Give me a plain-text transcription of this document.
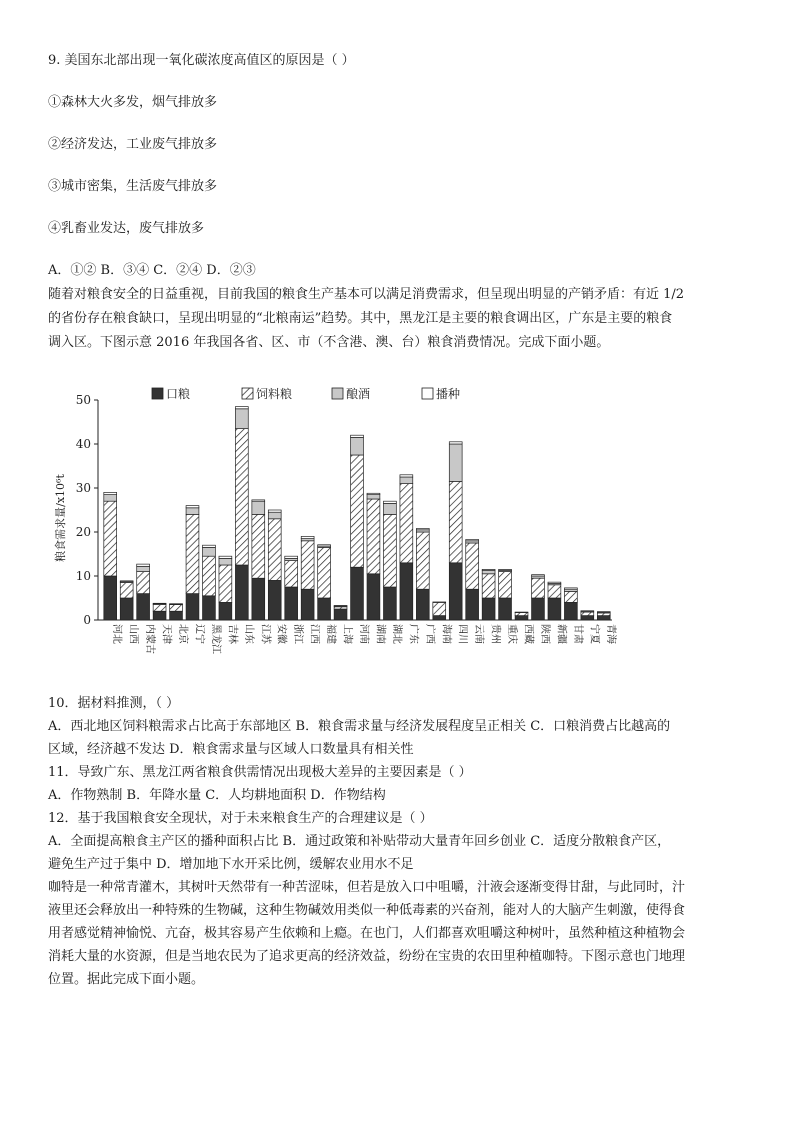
9. 美国东北部出现一氧化碳浓度高值区的原因是（ ）
①森林大火多发，烟气排放多
②经济发达，工业废气排放多
③城市密集，生活废气排放多
④乳畜业发达，废气排放多
A．①② B．③④ C．②④ D．②③
随着对粮食安全的日益重视，目前我国的粮食生产基本可以满足消费需求，但呈现出明显的产销矛盾：有近 1/2
的省份存在粮食缺口，呈现出明显的“北粮南运”趋势。其中，黑龙江是主要的粮食调出区，广东是主要的粮食
调入区。下图示意 2016 年我国各省、区、市（不含港、澳、台）粮食消费情况。完成下面小题。
口粮	饲料粮	酿酒	播种
0
10
20
30
40
50
河北 山西 内蒙古 天津 北京 辽宁 黑龙江 吉林 山东 江苏 安徽 浙江 江西 福建 上海 河南 湖南 湖北 广东 广西 海南 四川 云南 贵州 重庆 西藏 陕西 新疆 甘肃 宁夏 青海
粮食需求量/x10⁶t
10．据材料推测，（ ）
A．西北地区饲料粮需求占比高于东部地区 B．粮食需求量与经济发展程度呈正相关 C．口粮消费占比越高的
区域，经济越不发达 D．粮食需求量与区域人口数量具有相关性
11．导致广东、黑龙江两省粮食供需情况出现极大差异的主要因素是（ ）
A．作物熟制 B．年降水量 C．人均耕地面积 D．作物结构
12．基于我国粮食安全现状，对于未来粮食生产的合理建议是（ ）
A．全面提高粮食主产区的播种面积占比 B．通过政策和补贴带动大量青年回乡创业 C．适度分散粮食产区，
避免生产过于集中 D．增加地下水开采比例，缓解农业用水不足
咖特是一种常青灌木，其树叶天然带有一种苦涩味，但若是放入口中咀嚼，汁液会逐渐变得甘甜，与此同时，汁
液里还会释放出一种特殊的生物碱，这种生物碱效用类似一种低毒素的兴奋剂，能对人的大脑产生刺激，使得食
用者感觉精神愉悦、亢奋，极其容易产生依赖和上瘾。在也门，人们都喜欢咀嚼这种树叶，虽然种植这种植物会
消耗大量的水资源，但是当地农民为了追求更高的经济效益，纷纷在宝贵的农田里种植咖特。下图示意也门地理
位置。据此完成下面小题。
